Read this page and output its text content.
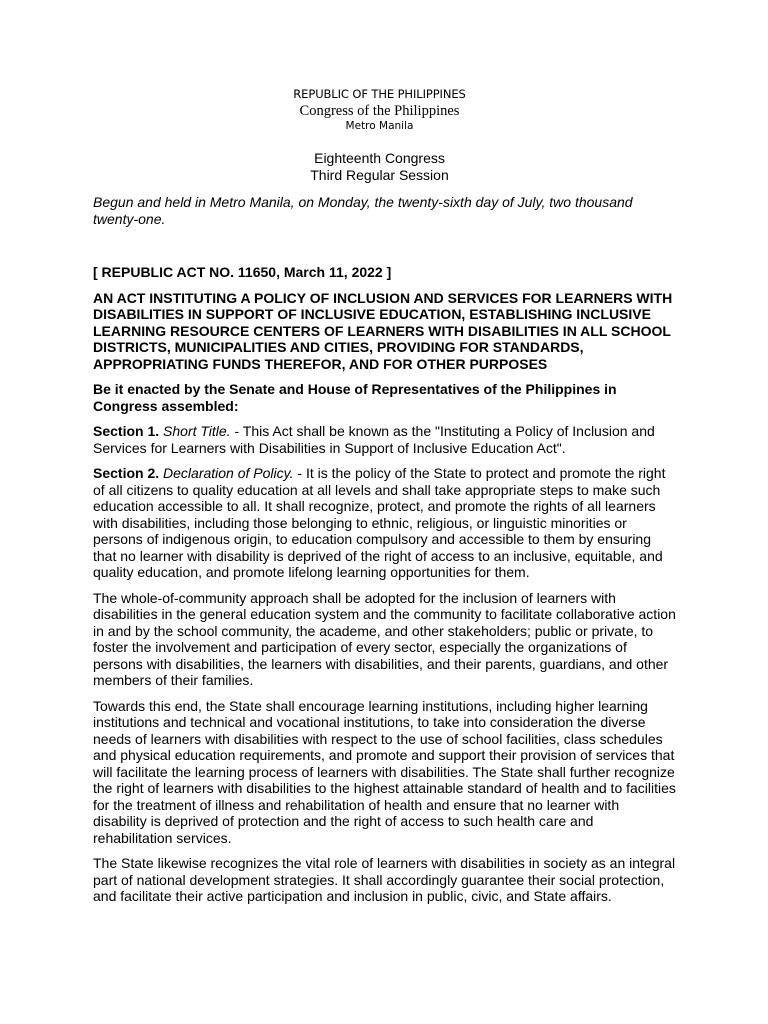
REPUBLIC OF THE PHILIPPINES
Congress of the Philippines
Metro Manila
Eighteenth Congress
Third Regular Session
Begun and held in Metro Manila, on Monday, the twenty-sixth day of July, two thousand twenty-one.
[ REPUBLIC ACT NO. 11650, March 11, 2022 ]
AN ACT INSTITUTING A POLICY OF INCLUSION AND SERVICES FOR LEARNERS WITH DISABILITIES IN SUPPORT OF INCLUSIVE EDUCATION, ESTABLISHING INCLUSIVE LEARNING RESOURCE CENTERS OF LEARNERS WITH DISABILITIES IN ALL SCHOOL DISTRICTS, MUNICIPALITIES AND CITIES, PROVIDING FOR STANDARDS, APPROPRIATING FUNDS THEREFOR, AND FOR OTHER PURPOSES
Be it enacted by the Senate and House of Representatives of the Philippines in Congress assembled:
Section 1. Short Title. - This Act shall be known as the "Instituting a Policy of Inclusion and Services for Learners with Disabilities in Support of Inclusive Education Act".
Section 2. Declaration of Policy. - It is the policy of the State to protect and promote the right of all citizens to quality education at all levels and shall take appropriate steps to make such education accessible to all. It shall recognize, protect, and promote the rights of all learners with disabilities, including those belonging to ethnic, religious, or linguistic minorities or persons of indigenous origin, to education compulsory and accessible to them by ensuring that no learner with disability is deprived of the right of access to an inclusive, equitable, and quality education, and promote lifelong learning opportunities for them.
The whole-of-community approach shall be adopted for the inclusion of learners with disabilities in the general education system and the community to facilitate collaborative action in and by the school community, the academe, and other stakeholders; public or private, to foster the involvement and participation of every sector, especially the organizations of persons with disabilities, the learners with disabilities, and their parents, guardians, and other members of their families.
Towards this end, the State shall encourage learning institutions, including higher learning institutions and technical and vocational institutions, to take into consideration the diverse needs of learners with disabilities with respect to the use of school facilities, class schedules and physical education requirements, and promote and support their provision of services that will facilitate the learning process of learners with disabilities. The State shall further recognize the right of learners with disabilities to the highest attainable standard of health and to facilities for the treatment of illness and rehabilitation of health and ensure that no learner with disability is deprived of protection and the right of access to such health care and rehabilitation services.
The State likewise recognizes the vital role of learners with disabilities in society as an integral part of national development strategies. It shall accordingly guarantee their social protection, and facilitate their active participation and inclusion in public, civic, and State affairs.
